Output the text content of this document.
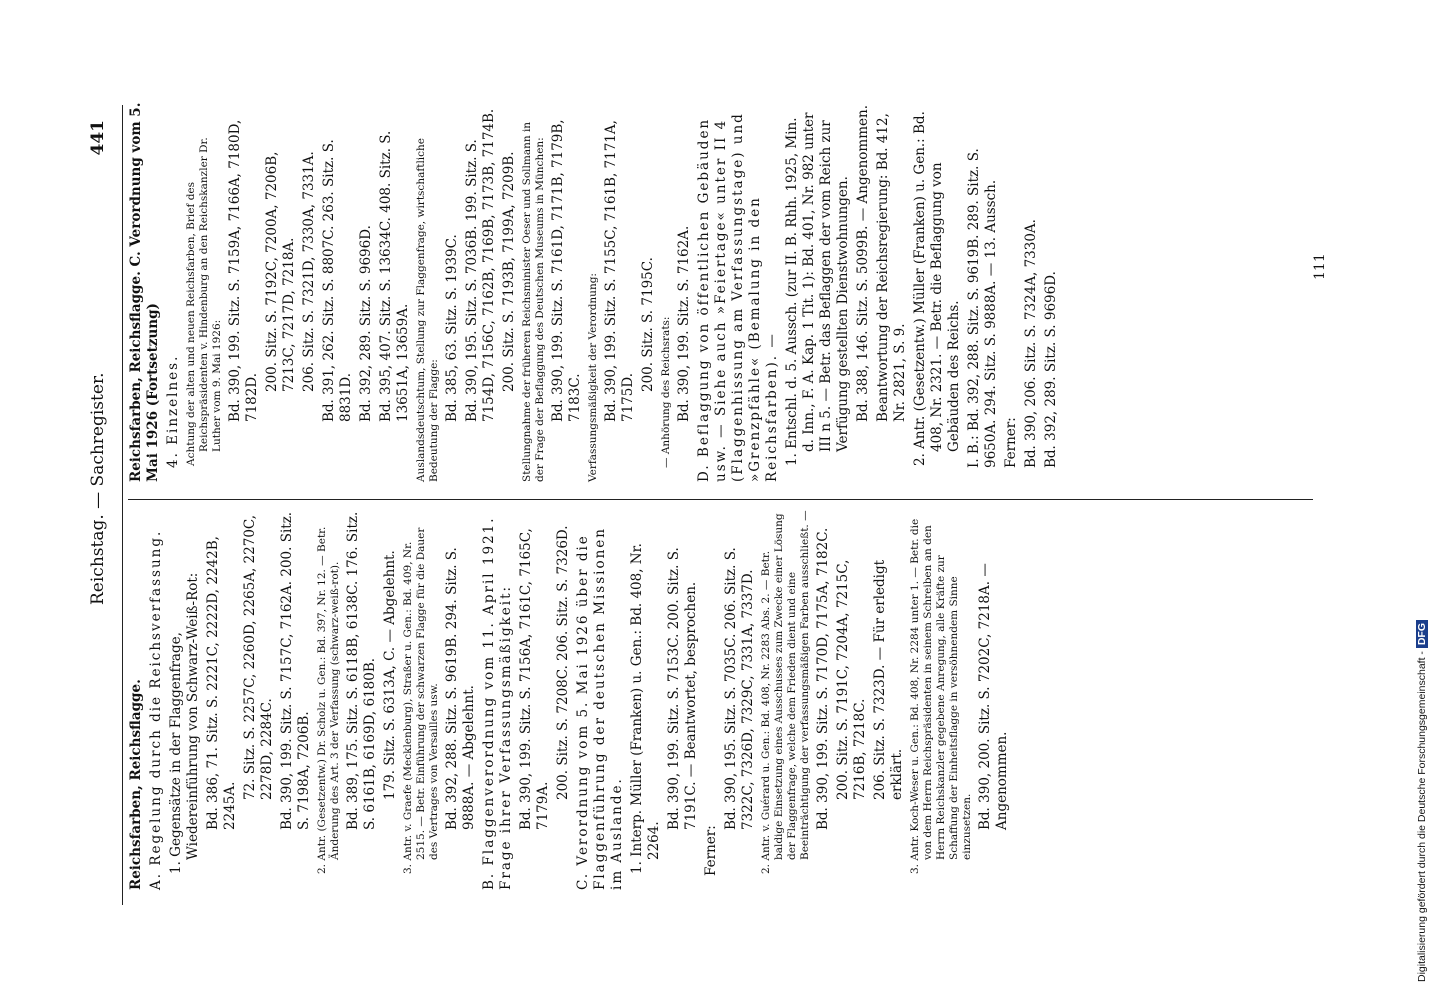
Reichstag. — Sachregister.
441

Reichsfarben, Reichsflagge. A. Regelung durch die Reichsverfassung. 1. Gegensätze in der Flaggenfrage, Wiedereinführung von Schwarz-Weiß-Rot: Bd. 386, 71. Sitz. S. 2221C, 2222D, 2242B, 2245A.

72. Sitz. S. 2257C, 2260D, 2265A, 2270C, 2278D, 2284C. Bd. 390, 199. Sitz. S. 7157C, 7162A. 200. Sitz. S. 7198A, 7206B. 2. Antr. (Gesetzentw.) Dr. Scholz u. Gen.: Bd. 397, Nr. 12. — Betr. Änderung des Art. 3 der Verfassung (schwarz-weiß-rot). Bd. 389, 175. Sitz. S. 6118B, 6138C. 176. Sitz. S. 6161B, 6169D, 6180B. 179. Sitz. S. 6313A, C. — Abgelehnt. 3. Antr. v. Graefe (Mecklenburg), Straßer u. Gen.: Bd. 409, Nr. 2515. — Betr. Einführung der schwarzen Flagge für die Dauer des Vertrages von Versailles usw. Bd. 392, 288. Sitz. S. 9619B. 294. Sitz. S. 9888A. — Abgelehnt. B. Flaggenverordnung vom 11. April 1921. Frage ihrer Verfassungsmäßigkeit: Bd. 390, 199. Sitz. S. 7156A, 7161C, 7165C, 7179A.

200. Sitz. S. 7208C. 206. Sitz. S. 7326D. C. Verordnung vom 5. Mai 1926 über die Flaggenführung der deutschen Missionen im Auslande. 1. Interp. Müller (Franken) u. Gen.: Bd. 408, Nr. 2264.

Bd. 390, 199. Sitz. S. 7153C. 200. Sitz. S. 7191C. — Beantwortet, besprochen.

Ferner:

Bd. 390, 195. Sitz. S. 7035C. 206. Sitz. S. 7322C, 7326D, 7329C, 7331A, 7337D. 2. Antr. v. Guérard u. Gen.: Bd. 408, Nr. 2283 Abs. 2. — Betr. baldige Einsetzung eines Ausschusses zum Zwecke einer Lösung der Flaggenfrage, welche dem Frieden dient und eine Beeinträchtigung der verfassungsmäßigen Farben ausschließt. — Bd. 390, 199. Sitz. S. 7170D, 7175A, 7182C. 200. Sitz. S. 7191C, 7204A, 7215C, 7216B, 7218C. 206. Sitz. S. 7323D. — Für erledigt erklärt. 3. Antr. Koch-Weser u. Gen.: Bd. 408, Nr. 2284 unter 1. — Betr. die von dem Herrn Reichspräsidenten in seinem Schreiben an den Herrn Reichskanzler gegebene Anregung, alle Kräfte zur Schaffung der Einheitsflagge in versöhnendem Sinne einzusetzen. Bd. 390, 200. Sitz. S. 7202C, 7218A. — Angenommen.

Reichsfarben, Reichsflagge. C. Verordnung vom 5. Mai 1926 (Fortsetzung) 4. Einzelnes. Achtung der alten und neuen Reichsfarben, Brief des Reichspräsidenten v. Hindenburg an den Reichskanzler Dr. Luther vom 9. Mai 1926: Bd. 390, 199. Sitz. S. 7159A, 7166A, 7180D, 7182D.

200. Sitz. S. 7192C, 7200A, 7206B, 7213C, 7217D, 7218A. 206. Sitz. S. 7321D, 7330A, 7331A. Bd. 391, 262. Sitz. S. 8807C. 263. Sitz. S. 8831D. Bd. 392, 289. Sitz. S. 9696D. Bd. 395, 407. Sitz. S. 13634C. 408. Sitz. S. 13651A, 13659A. Auslandsdeutschtum, Stellung zur Flaggenfrage, wirtschaftliche Bedeutung der Flagge: Bd. 385, 63. Sitz. S. 1939C. Bd. 390, 195. Sitz. S. 7036B. 199. Sitz. S. 7154D, 7156C, 7162B, 7169B, 7173B, 7174B. 200. Sitz. S. 7193B, 7199A, 7209B. Stellungnahme der früheren Reichsminister Oeser und Sollmann in der Frage der Beflaggung des Deutschen Museums in München: Bd. 390, 199. Sitz. S. 7161D, 7171B, 7179B, 7183C. Verfassungsmäßigkeit der Verordnung: Bd. 390, 199. Sitz. S. 7155C, 7161B, 7171A, 7175D.

200. Sitz. S. 7195C. — Anhörung des Reichsrats: Bd. 390, 199. Sitz. S. 7162A. D. Beflaggung von öffentlichen Gebäuden usw. — Siehe auch »Feiertage« unter II 4 (Flaggenhissung am Verfassungstage) und »Grenzpfähle« (Bemalung in den Reichsfarben). — 1. Entschl. d. 5. Aussch. (zur II. B. Rhh. 1925, Min. d. Inn., F. A. Kap. 1 Tit. 1): Bd. 401, Nr. 982 unter III n 5. — Betr. das Beflaggen der vom Reich zur Verfügung gestellten Dienstwohnungen. Bd. 388, 146. Sitz. S. 5099B. — Angenommen. Beantwortung der Reichsregierung: Bd. 412, Nr. 2821, S. 9. 2. Antr. (Gesetzentw.) Müller (Franken) u. Gen.: Bd. 408, Nr. 2321. — Betr. die Beflaggung von Gebäuden des Reichs. I. B.: Bd. 392, 288. Sitz. S. 9619B. 289. Sitz. S. 9650A. 294. Sitz. S. 9888A. — 13. Aussch. Ferner: Bd. 390, 206. Sitz. S. 7324A, 7330A. Bd. 392, 289. Sitz. S. 9696D.

111
Digitalisierung gefördert durch die Deutsche Forschungsgemeinschaft - DFG
